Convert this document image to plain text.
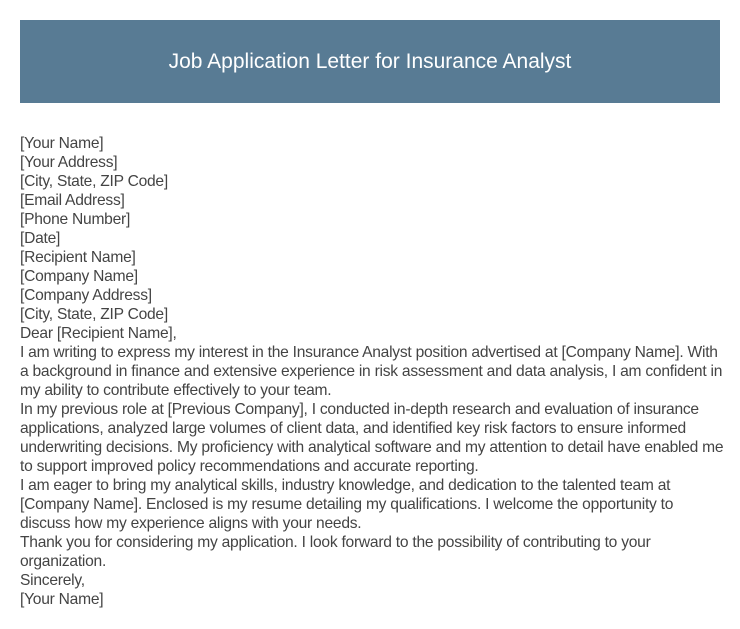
Job Application Letter for Insurance Analyst

[Your Name]

[Your Address]

[City, State, ZIP Code]

[Email Address]

[Phone Number]

[Date]

[Recipient Name]

[Company Name]

[Company Address]

[City, State, ZIP Code]

Dear [Recipient Name],

I am writing to express my interest in the Insurance Analyst position advertised at [Company Name]. With a background in finance and extensive experience in risk assessment and data analysis, I am confident in my ability to contribute effectively to your team.

In my previous role at [Previous Company], I conducted in-depth research and evaluation of insurance applications, analyzed large volumes of client data, and identified key risk factors to ensure informed underwriting decisions. My proficiency with analytical software and my attention to detail have enabled me to support improved policy recommendations and accurate reporting.

I am eager to bring my analytical skills, industry knowledge, and dedication to the talented team at [Company Name]. Enclosed is my resume detailing my qualifications. I welcome the opportunity to discuss how my experience aligns with your needs.

Thank you for considering my application. I look forward to the possibility of contributing to your organization.

Sincerely,

[Your Name]
